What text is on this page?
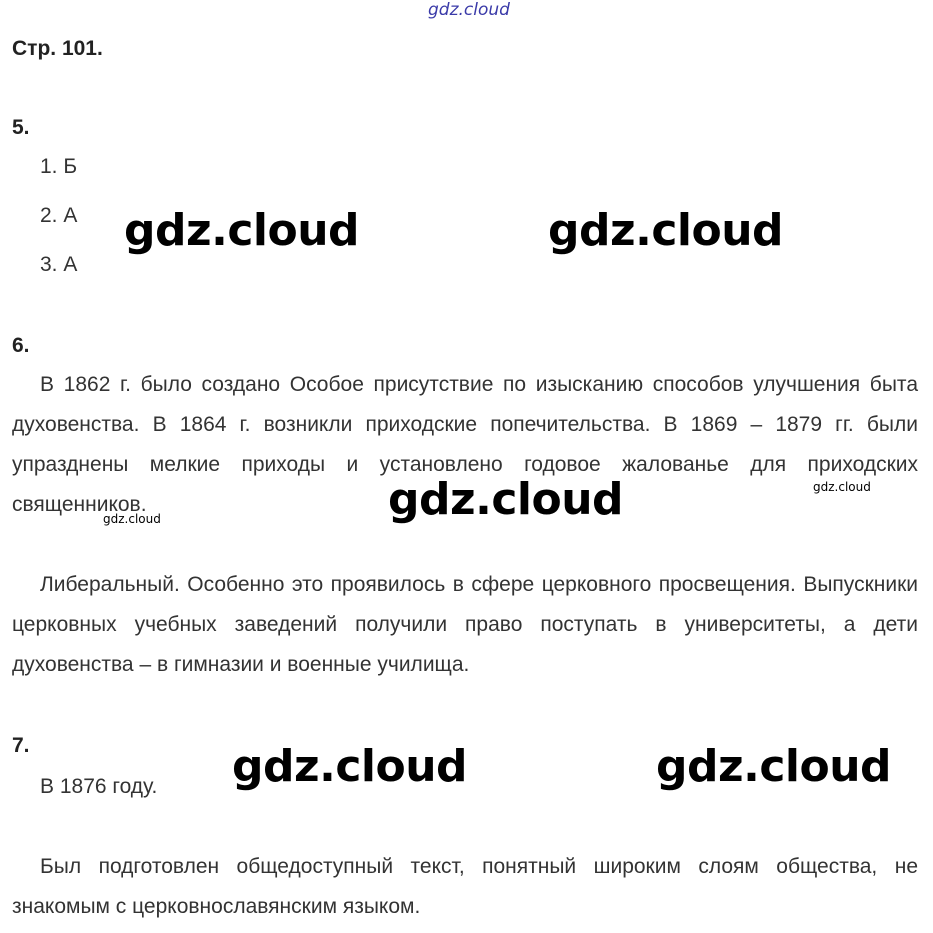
gdz.cloud
Стр. 101.
5.
1. Б
2. А
3. А
6.

В 1862 г. было создано Особое присутствие по изысканию способов улучшения быта духовенства. В 1864 г. возникли приходские попечительства. В 1869 – 1879 гг. были упразднены мелкие приходы и установлено годовое жалованье для приходских священников.

Либеральный. Особенно это проявилось в сфере церковного просвещения. Выпускники церковных учебных заведений получили право поступать в университеты, а дети духовенства – в гимназии и военные училища.

7.
В 1876 году.

Был подготовлен общедоступный текст, понятный широким слоям общества, не знакомым с церковнославянским языком.

gdz.cloud	gdz.cloud
gdz.cloud
gdz.cloud	gdz.cloud
gdz.cloud
gdz.cloud
